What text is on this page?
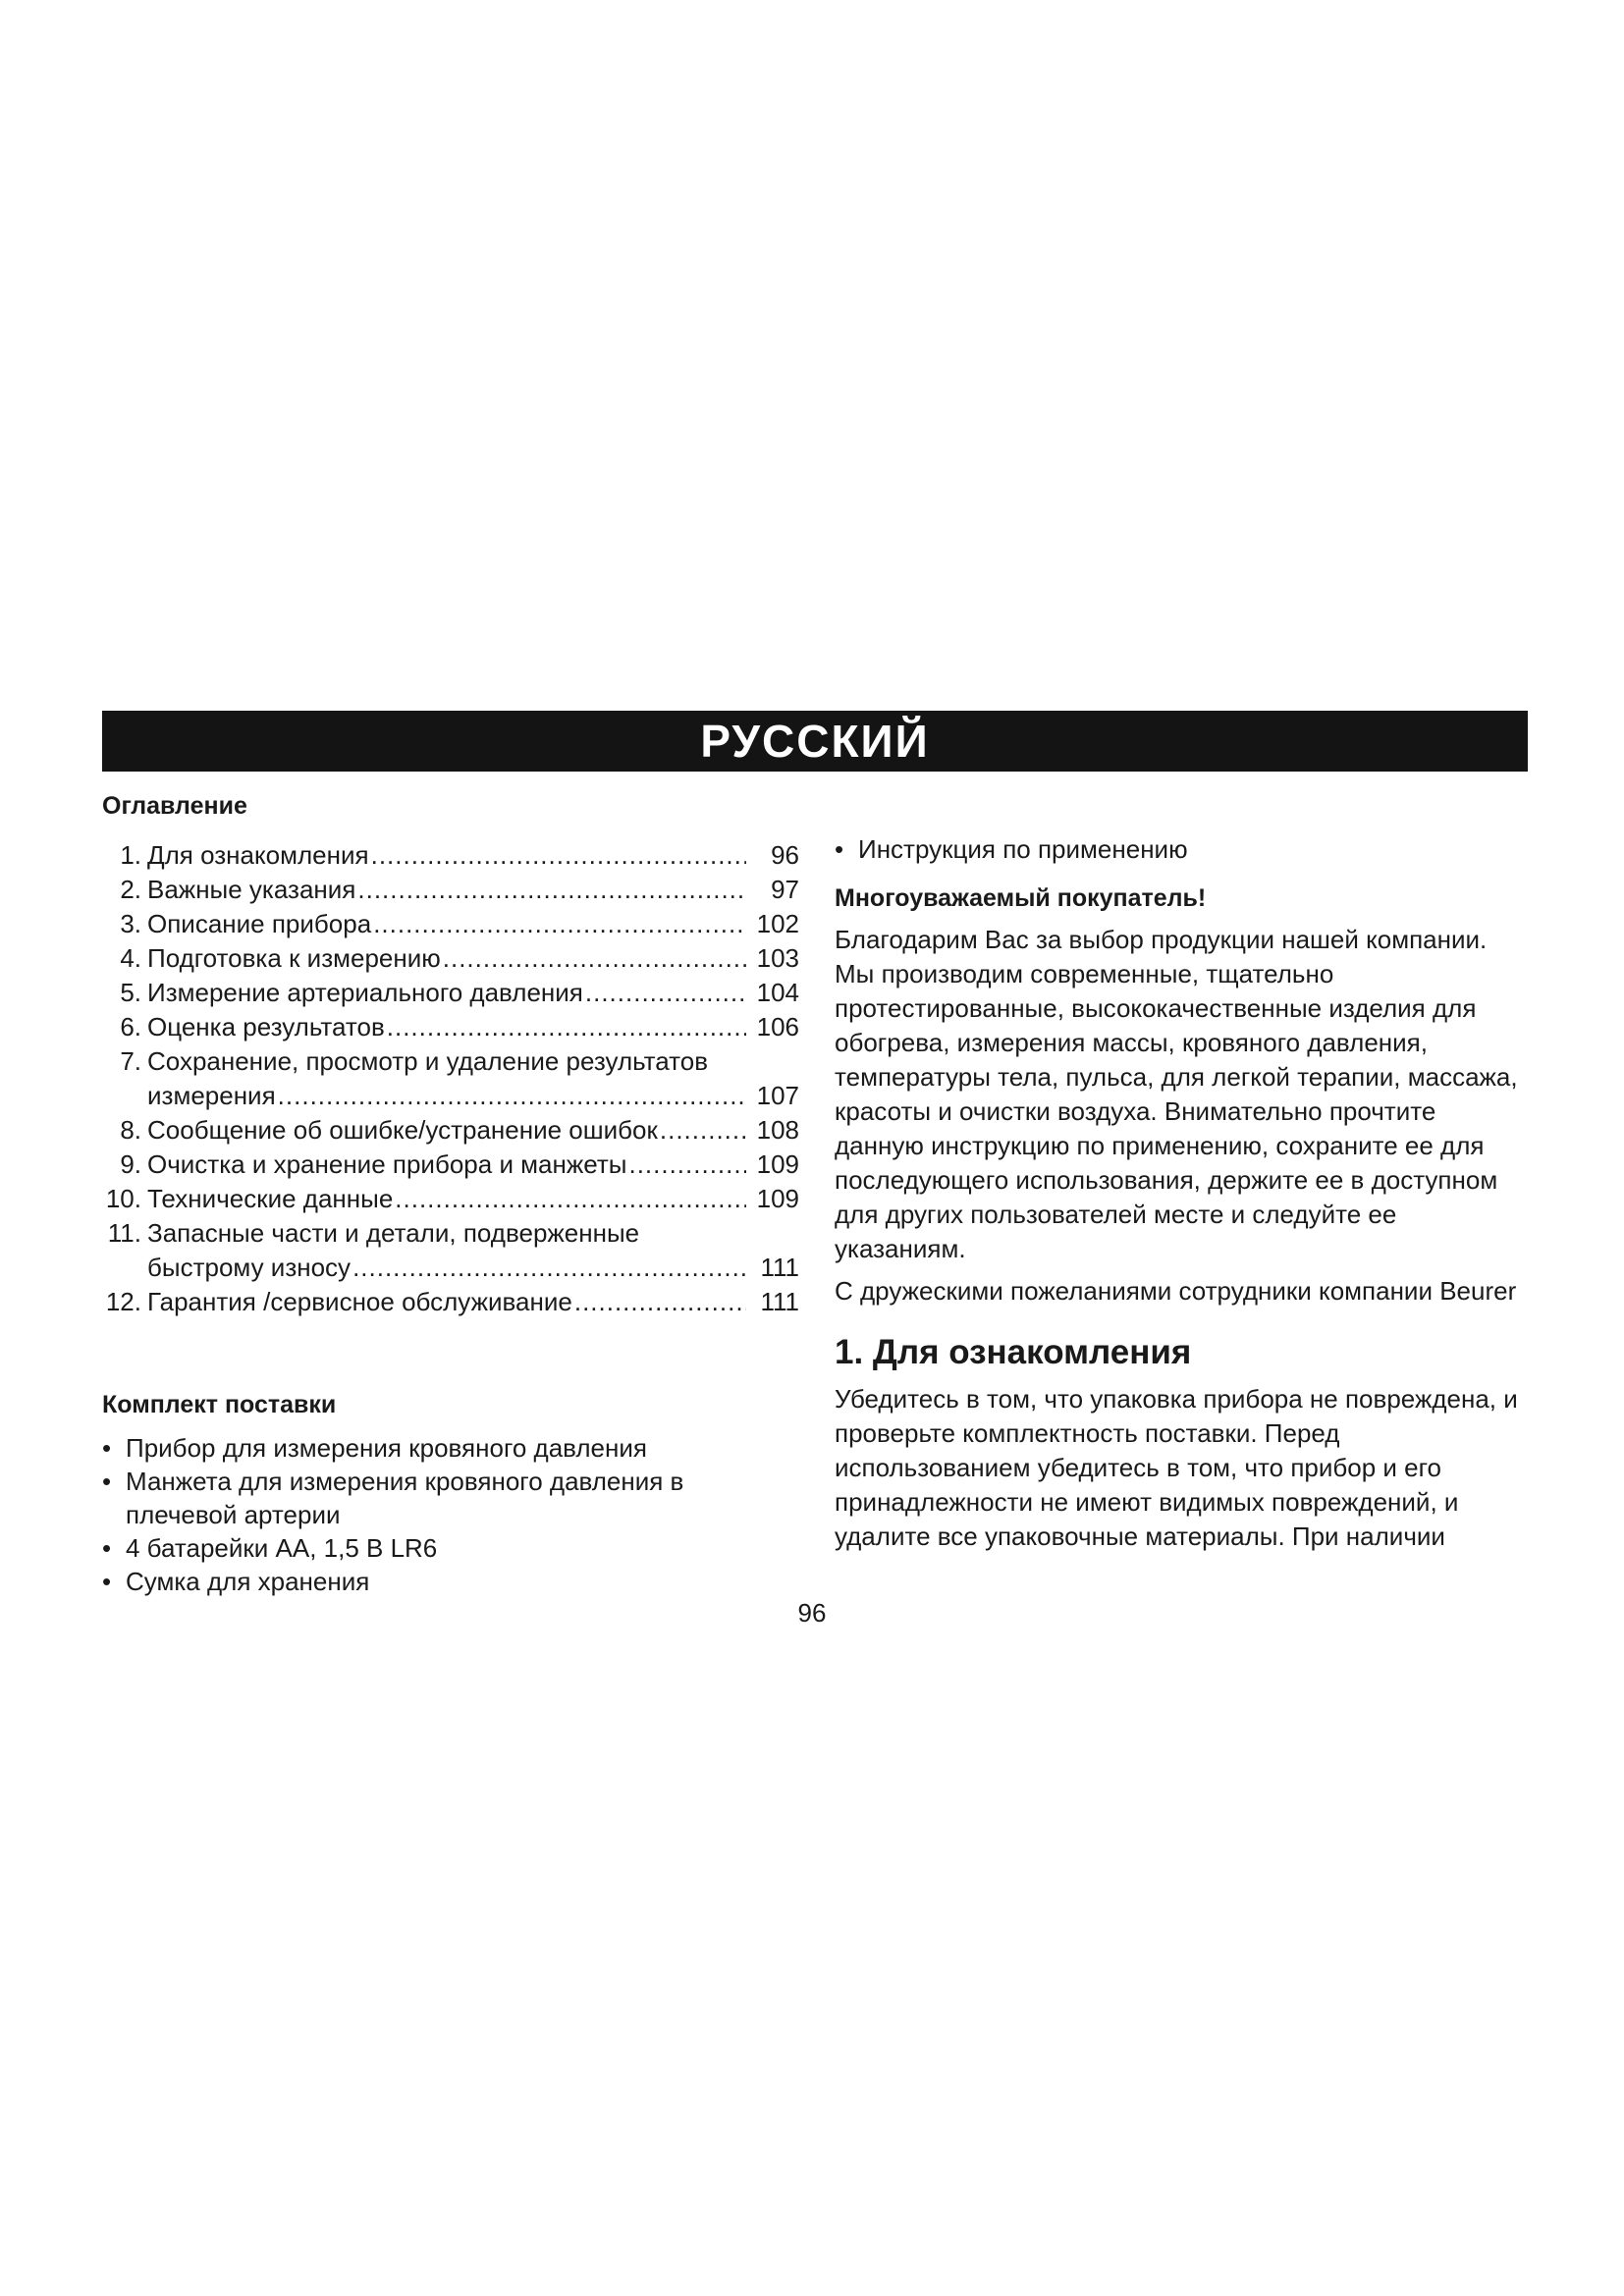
РУССКИЙ
Оглавление
1. Для ознакомления .....	96
2. Важные указания .....	97
3. Описание прибора .....	102
4. Подготовка к измерению .....	103
5. Измерение артериального давления .....	104
6. Оценка результатов .....	106
7. Сохранение, просмотр и удаление результатов
измерения .....	107
8. Сообщение об ошибке/устранение ошибок .....	108
9. Очистка и хранение прибора и манжеты .....	109
10. Технические данные .....	109
11. Запасные части и детали, подверженные
быстрому износу .....	111
12. Гарантия /сервисное обслуживание .....	111
Комплект поставки
• Прибор для измерения кровяного давления
• Манжета для измерения кровяного давления в плечевой артерии
• 4 батарейки АА, 1,5 В LR6
• Сумка для хранения
• Инструкция по применению
Многоуважаемый покупатель!

Благодарим Вас за выбор продукции нашей компании. Мы производим современные, тщательно протестированные, высококачественные изделия для обогрева, измерения массы, кровяного давления, температуры тела, пульса, для легкой терапии, массажа, красоты и очистки воздуха. Внимательно прочтите данную инструкцию по применению, сохраните ее для последующего использования, держите ее в доступном для других пользователей месте и следуйте ее указаниям.

С дружескими пожеланиями сотрудники компании Beurer

1. Для ознакомления

Убедитесь в том, что упаковка прибора не повреждена, и проверьте комплектность поставки. Перед использованием убедитесь в том, что прибор и его принадлежности не имеют видимых повреждений, и удалите все упаковочные материалы. При наличии

96
